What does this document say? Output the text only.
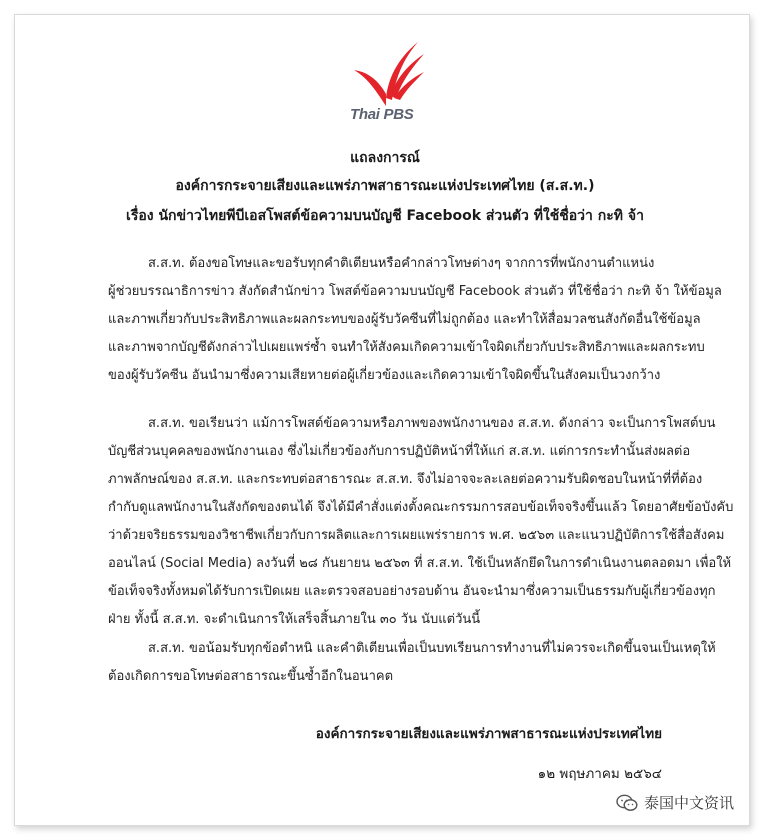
Thai PBS
แถลงการณ์
องค์การกระจายเสียงและแพร่ภาพสาธารณะแห่งประเทศไทย (ส.ส.ท.)
เรื่อง นักข่าวไทยพีบีเอสโพสต์ข้อความบนบัญชี Facebook ส่วนตัว ที่ใช้ชื่อว่า กะทิ จ้า
ส.ส.ท. ต้องขอโทษและขอรับทุกคำติเตียนหรือคำกล่าวโทษต่างๆ จากการที่พนักงานตำแหน่ง
ผู้ช่วยบรรณาธิการข่าว สังกัดสำนักข่าว โพสต์ข้อความบนบัญชี Facebook ส่วนตัว ที่ใช้ชื่อว่า กะทิ จ้า ให้ข้อมูล
และภาพเกี่ยวกับประสิทธิภาพและผลกระทบของผู้รับวัคซีนที่ไม่ถูกต้อง และทำให้สื่อมวลชนสังกัดอื่นใช้ข้อมูล
และภาพจากบัญชีดังกล่าวไปเผยแพร่ซ้ำ จนทำให้สังคมเกิดความเข้าใจผิดเกี่ยวกับประสิทธิภาพและผลกระทบ
ของผู้รับวัคซีน อันนำมาซึ่งความเสียหายต่อผู้เกี่ยวข้องและเกิดความเข้าใจผิดขึ้นในสังคมเป็นวงกว้าง
ส.ส.ท. ขอเรียนว่า แม้การโพสต์ข้อความหรือภาพของพนักงานของ ส.ส.ท. ดังกล่าว จะเป็นการโพสต์บน
บัญชีส่วนบุคคลของพนักงานเอง ซึ่งไม่เกี่ยวข้องกับการปฏิบัติหน้าที่ให้แก่ ส.ส.ท. แต่การกระทำนั้นส่งผลต่อ
ภาพลักษณ์ของ ส.ส.ท. และกระทบต่อสาธารณะ ส.ส.ท. จึงไม่อาจจะละเลยต่อความรับผิดชอบในหน้าที่ที่ต้อง
กำกับดูแลพนักงานในสังกัดของตนได้ จึงได้มีคำสั่งแต่งตั้งคณะกรรมการสอบข้อเท็จจริงขึ้นแล้ว โดยอาศัยข้อบังคับ
ว่าด้วยจริยธรรมของวิชาชีพเกี่ยวกับการผลิตและการเผยแพร่รายการ พ.ศ. ๒๕๖๓ และแนวปฏิบัติการใช้สื่อสังคม
ออนไลน์ (Social Media) ลงวันที่ ๒๘ กันยายน ๒๕๖๓ ที่ ส.ส.ท. ใช้เป็นหลักยึดในการดำเนินงานตลอดมา เพื่อให้
ข้อเท็จจริงทั้งหมดได้รับการเปิดเผย และตรวจสอบอย่างรอบด้าน อันจะนำมาซึ่งความเป็นธรรมกับผู้เกี่ยวข้องทุก
ฝ่าย ทั้งนี้ ส.ส.ท. จะดำเนินการให้เสร็จสิ้นภายใน ๓๐ วัน นับแต่วันนี้
ส.ส.ท. ขอน้อมรับทุกข้อตำหนิ และคำติเตียนเพื่อเป็นบทเรียนการทำงานที่ไม่ควรจะเกิดขึ้นจนเป็นเหตุให้
ต้องเกิดการขอโทษต่อสาธารณะขึ้นซ้ำอีกในอนาคต
องค์การกระจายเสียงและแพร่ภาพสาธารณะแห่งประเทศไทย
๑๒ พฤษภาคม ๒๕๖๔
泰国中文资讯
